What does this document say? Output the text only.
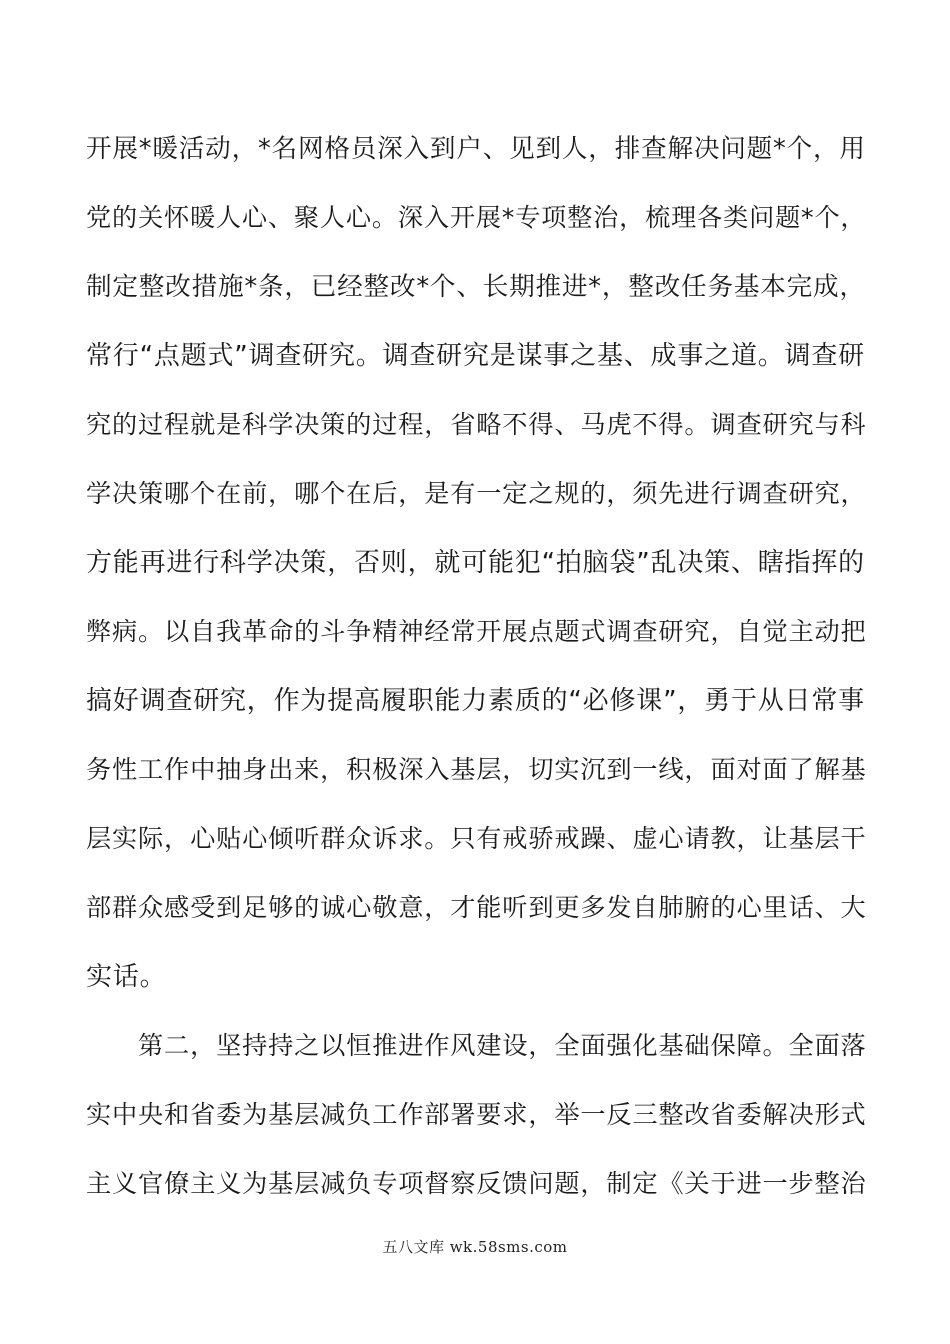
开展*暖活动，*名网格员深入到户、见到人，排查解决问题*个，用
党的关怀暖人心、聚人心。深入开展*专项整治，梳理各类问题*个，
制定整改措施*条，已经整改*个、长期推进*，整改任务基本完成，
常行“点题式”调查研究。调查研究是谋事之基、成事之道。调查研
究的过程就是科学决策的过程，省略不得、马虎不得。调查研究与科
学决策哪个在前，哪个在后，是有一定之规的，须先进行调查研究，
方能再进行科学决策，否则，就可能犯“拍脑袋”乱决策、瞎指挥的
弊病。以自我革命的斗争精神经常开展点题式调查研究，自觉主动把
搞好调查研究，作为提高履职能力素质的“必修课”，勇于从日常事
务性工作中抽身出来，积极深入基层，切实沉到一线，面对面了解基
层实际，心贴心倾听群众诉求。只有戒骄戒躁、虚心请教，让基层干
部群众感受到足够的诚心敬意，才能听到更多发自肺腑的心里话、大
实话。
　　第二，坚持持之以恒推进作风建设，全面强化基础保障。全面落
实中央和省委为基层减负工作部署要求，举一反三整改省委解决形式
主义官僚主义为基层减负专项督察反馈问题，制定《关于进一步整治
五八文库 wk.58sms.com
